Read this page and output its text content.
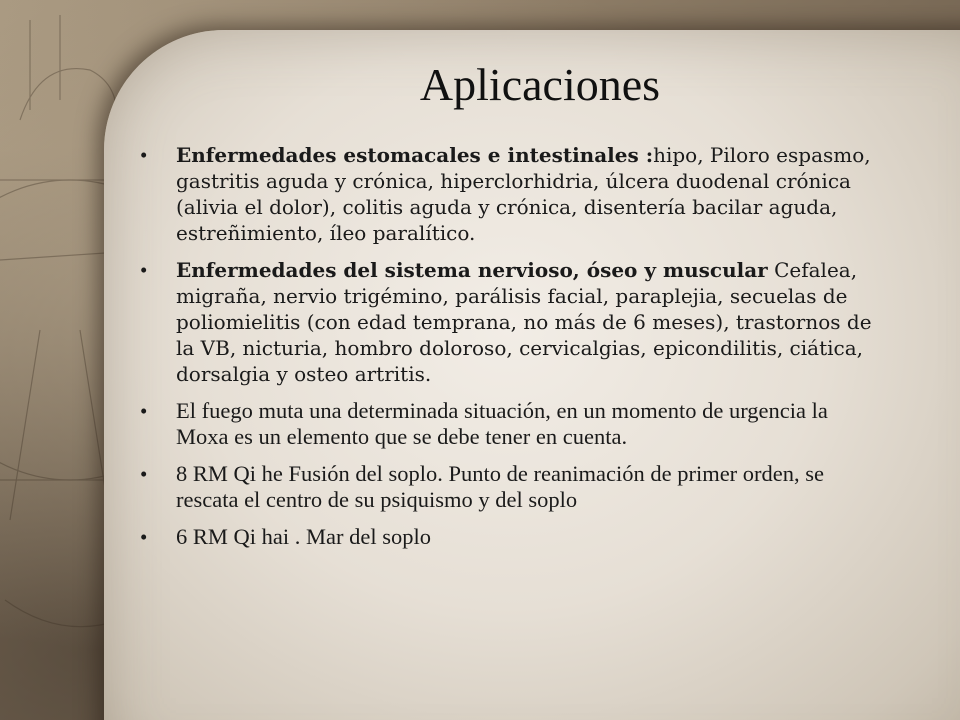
Aplicaciones
•	Enfermedades estomacales e intestinales :hipo, Piloro espasmo, gastritis aguda y crónica, hiperclorhidria, úlcera duodenal crónica (alivia el dolor), colitis aguda y crónica, disentería bacilar aguda, estreñimiento, íleo paralítico.
•	Enfermedades del sistema nervioso, óseo y muscular Cefalea, migraña, nervio trigémino, parálisis facial, paraplejia, secuelas de poliomielitis (con edad temprana, no más de 6 meses), trastornos de la VB, nicturia, hombro doloroso, cervicalgias, epicondilitis, ciática, dorsalgia y osteo artritis.
•	El fuego muta una determinada situación, en un momento de urgencia la Moxa es un elemento que se debe tener en cuenta.
•	8 RM Qi he Fusión del soplo. Punto de reanimación de primer orden, se rescata el centro de su psiquismo y del soplo
•	6 RM Qi hai . Mar del soplo
